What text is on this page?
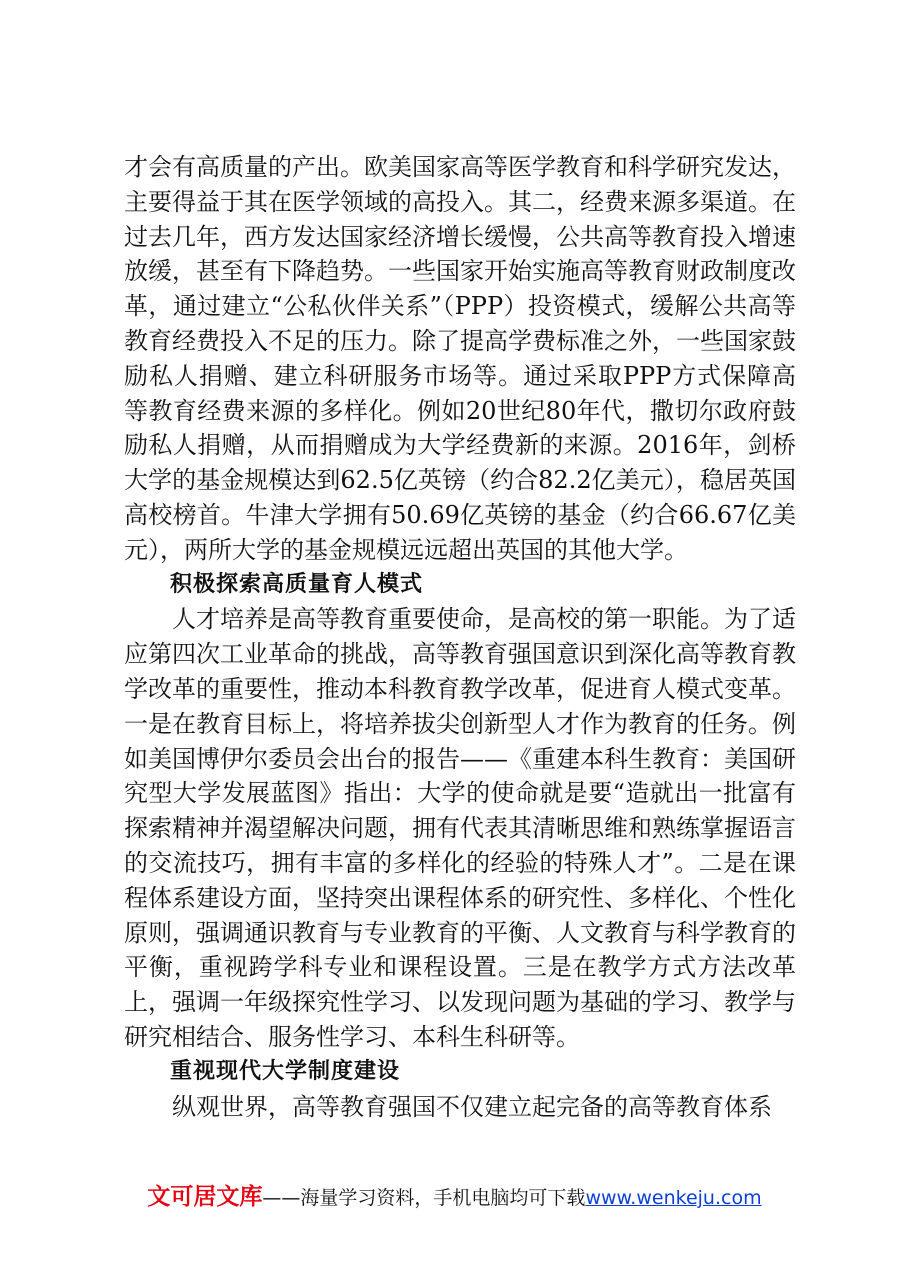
才会有高质量的产出。欧美国家高等医学教育和科学研究发达，主要得益于其在医学领域的高投入。其二，经费来源多渠道。在过去几年，西方发达国家经济增长缓慢，公共高等教育投入增速放缓，甚至有下降趋势。一些国家开始实施高等教育财政制度改革，通过建立“公私伙伴关系”（PPP）投资模式，缓解公共高等教育经费投入不足的压力。除了提高学费标准之外，一些国家鼓励私人捐赠、建立科研服务市场等。通过采取PPP方式保障高等教育经费来源的多样化。例如20世纪80年代，撒切尔政府鼓励私人捐赠，从而捐赠成为大学经费新的来源。2016年，剑桥大学的基金规模达到62.5亿英镑（约合82.2亿美元），稳居英国高校榜首。牛津大学拥有50.69亿英镑的基金（约合66.67亿美元），两所大学的基金规模远远超出英国的其他大学。

积极探索高质量育人模式

人才培养是高等教育重要使命，是高校的第一职能。为了适应第四次工业革命的挑战，高等教育强国意识到深化高等教育教学改革的重要性，推动本科教育教学改革，促进育人模式变革。一是在教育目标上，将培养拔尖创新型人才作为教育的任务。例如美国博伊尔委员会出台的报告——《重建本科生教育：美国研究型大学发展蓝图》指出：大学的使命就是要“造就出一批富有探索精神并渴望解决问题，拥有代表其清晰思维和熟练掌握语言的交流技巧，拥有丰富的多样化的经验的特殊人才”。二是在课程体系建设方面，坚持突出课程体系的研究性、多样化、个性化原则，强调通识教育与专业教育的平衡、人文教育与科学教育的平衡，重视跨学科专业和课程设置。三是在教学方式方法改革上，强调一年级探究性学习、以发现问题为基础的学习、教学与研究相结合、服务性学习、本科生科研等。

重视现代大学制度建设

纵观世界，高等教育强国不仅建立起完备的高等教育体系

文可居文库——海量学习资料，手机电脑均可下载www.wenkeju.com
